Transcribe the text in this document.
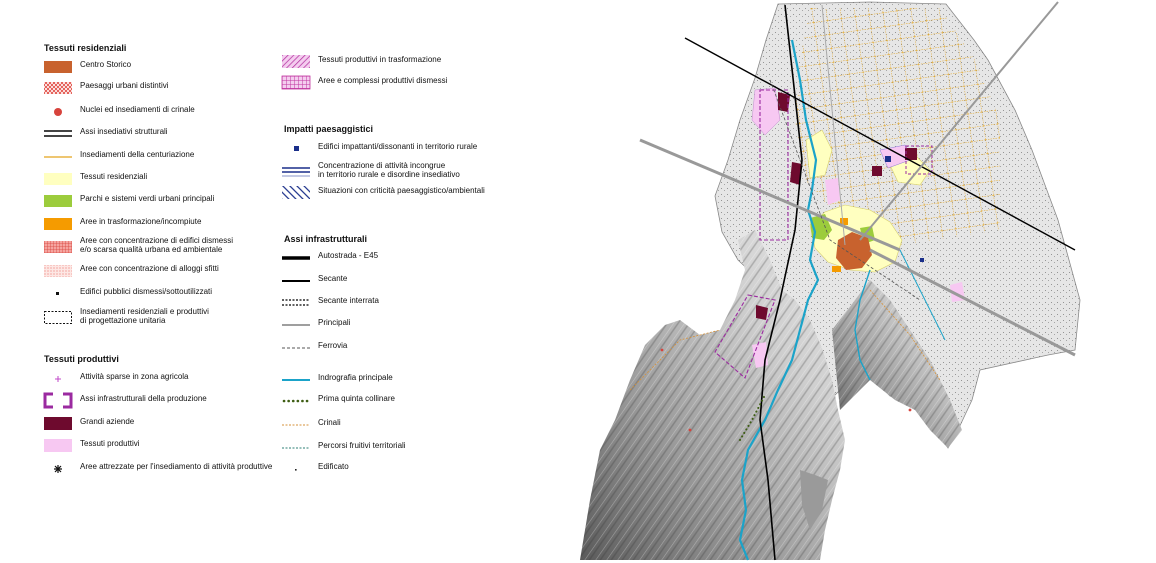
Tessuti residenziali
Centro Storico
Paesaggi urbani distintivi
Nuclei ed insediamenti di crinale
Assi insediativi strutturali
Insediamenti della centuriazione
Tessuti residenziali
Parchi e sistemi verdi urbani principali
Aree in trasformazione/incompiute
Aree con concentrazione di edifici dismessi
e/o scarsa qualità urbana ed ambientale
Aree con concentrazione di alloggi sfitti
Edifici pubblici dismessi/sottoutilizzati
Insediamenti residenziali e produttivi
di progettazione unitaria
Tessuti produttivi
Attività sparse in zona agricola
Assi infrastrutturali della produzione
Grandi aziende
Tessuti produttivi
Aree attrezzate per l'insediamento di attività produttive
Tessuti produttivi in trasformazione
Aree e complessi produttivi dismessi
Impatti paesaggistici
Edifici impattanti/dissonanti in territorio rurale
Concentrazione di attività incongrue
in territorio rurale e disordine insediativo
Situazioni con criticità paesaggistico/ambientali
Assi infrastrutturali
Autostrada - E45
Secante
Secante interrata
Principali
Ferrovia
Indrografia principale
Prima quinta collinare
Crinali
Percorsi fruitivi territoriali
Edificato
